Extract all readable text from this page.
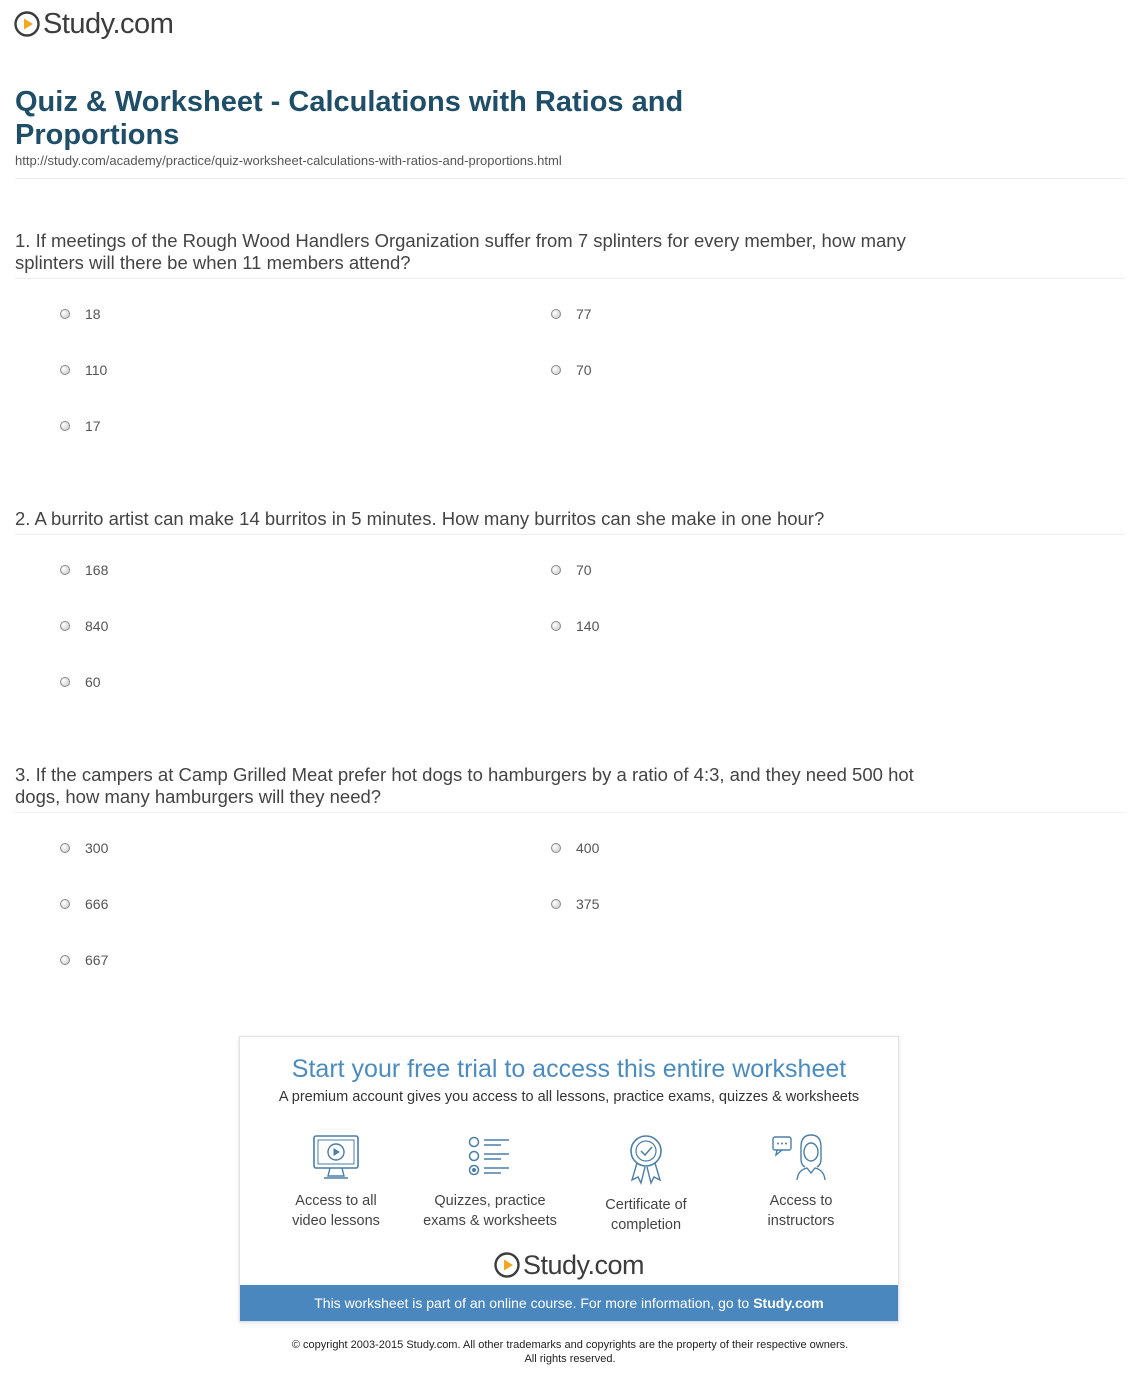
Study.com
Quiz & Worksheet - Calculations with Ratios and Proportions
http://study.com/academy/practice/quiz-worksheet-calculations-with-ratios-and-proportions.html
1. If meetings of the Rough Wood Handlers Organization suffer from 7 splinters for every member, how many splinters will there be when 11 members attend?
18	77
110	70
17
2. A burrito artist can make 14 burritos in 5 minutes. How many burritos can she make in one hour?
168	70
840	140
60
3. If the campers at Camp Grilled Meat prefer hot dogs to hamburgers by a ratio of 4:3, and they need 500 hot dogs, how many hamburgers will they need?
300	400
666	375
667
Start your free trial to access this entire worksheet
A premium account gives you access to all lessons, practice exams, quizzes & worksheets
Access to all
video lessons
Quizzes, practice
exams & worksheets
Certificate of
completion
Access to
instructors
Study.com
This worksheet is part of an online course. For more information, go to Study.com
© copyright 2003-2015 Study.com. All other trademarks and copyrights are the property of their respective owners.
All rights reserved.
